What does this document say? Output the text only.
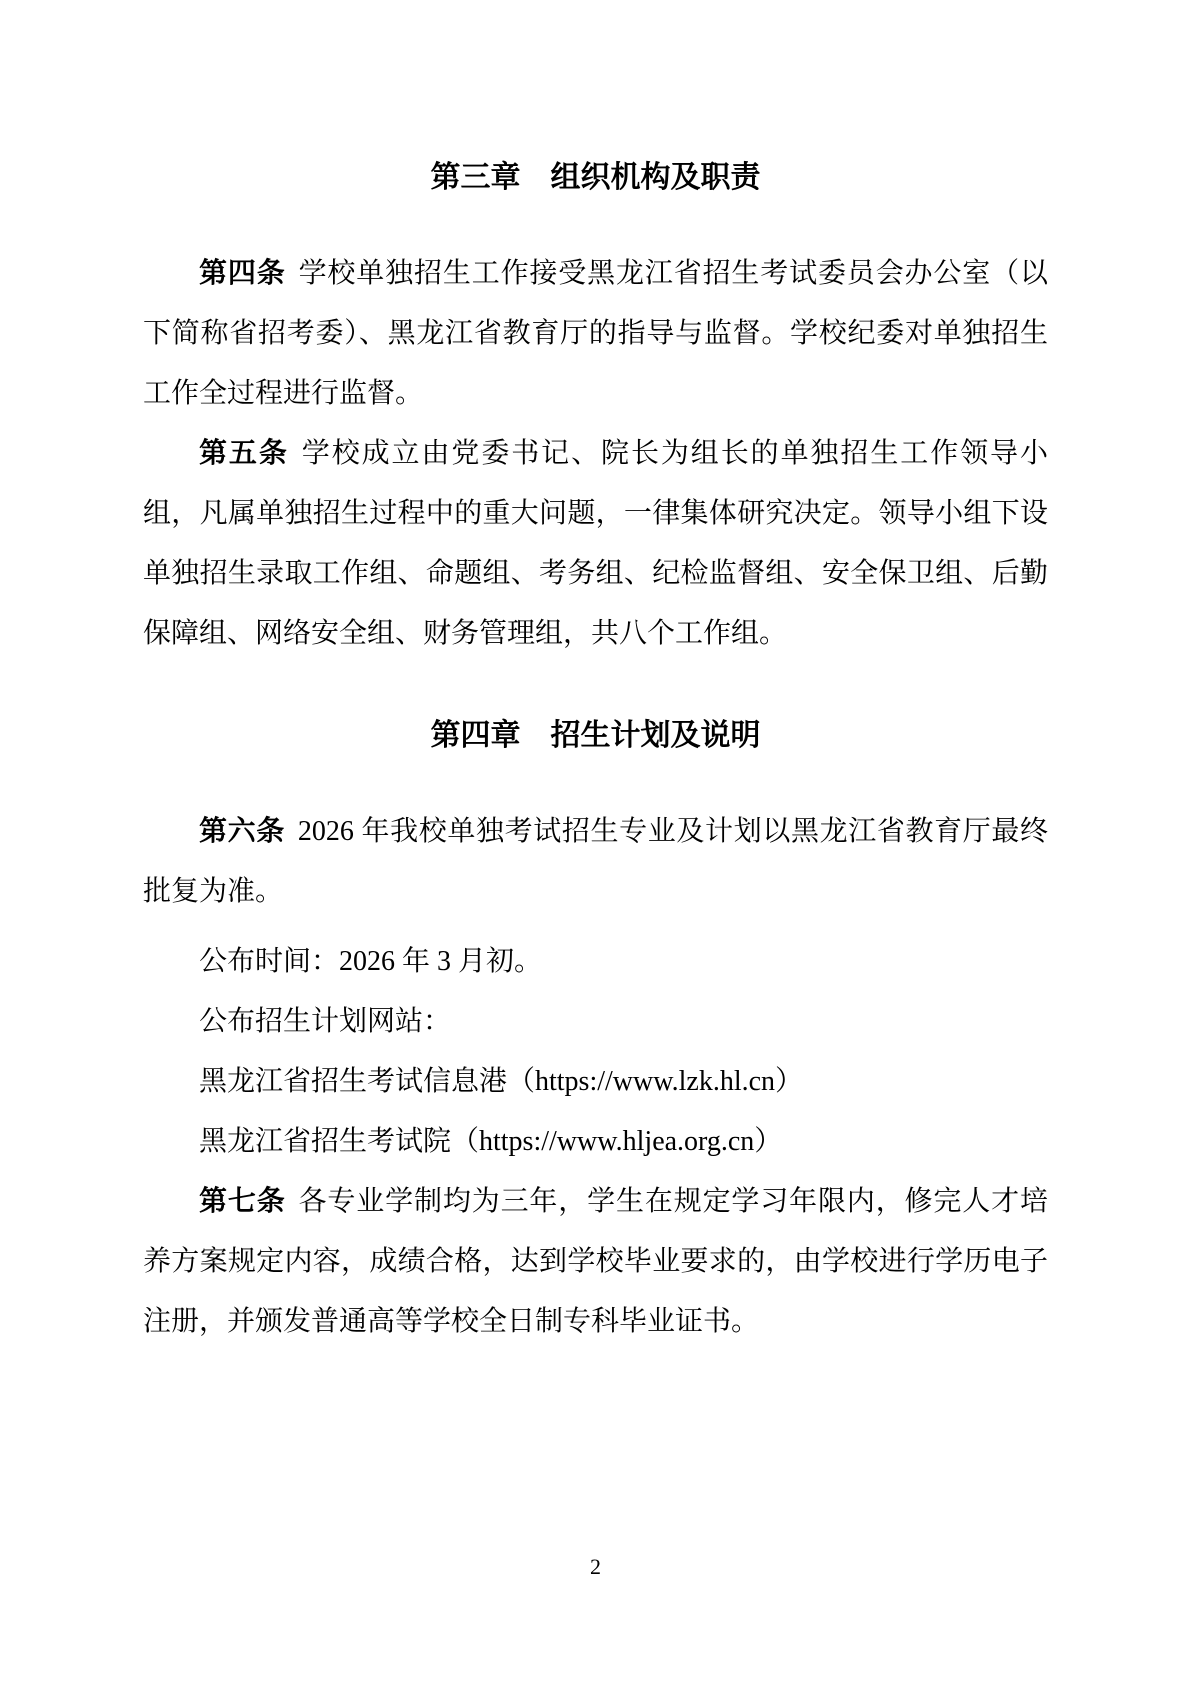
第三章　组织机构及职责

第四条 学校单独招生工作接受黑龙江省招生考试委员会办公室（以下简称省招考委）、黑龙江省教育厅的指导与监督。学校纪委对单独招生工作全过程进行监督。

第五条 学校成立由党委书记、院长为组长的单独招生工作领导小组，凡属单独招生过程中的重大问题，一律集体研究决定。领导小组下设单独招生录取工作组、命题组、考务组、纪检监督组、安全保卫组、后勤保障组、网络安全组、财务管理组，共八个工作组。

第四章　招生计划及说明

第六条 2026 年我校单独考试招生专业及计划以黑龙江省教育厅最终批复为准。

公布时间：2026 年 3 月初。

公布招生计划网站：

黑龙江省招生考试信息港（https://www.lzk.hl.cn）

黑龙江省招生考试院（https://www.hljea.org.cn）

第七条 各专业学制均为三年，学生在规定学习年限内，修完人才培养方案规定内容，成绩合格，达到学校毕业要求的，由学校进行学历电子注册，并颁发普通高等学校全日制专科毕业证书。

2
